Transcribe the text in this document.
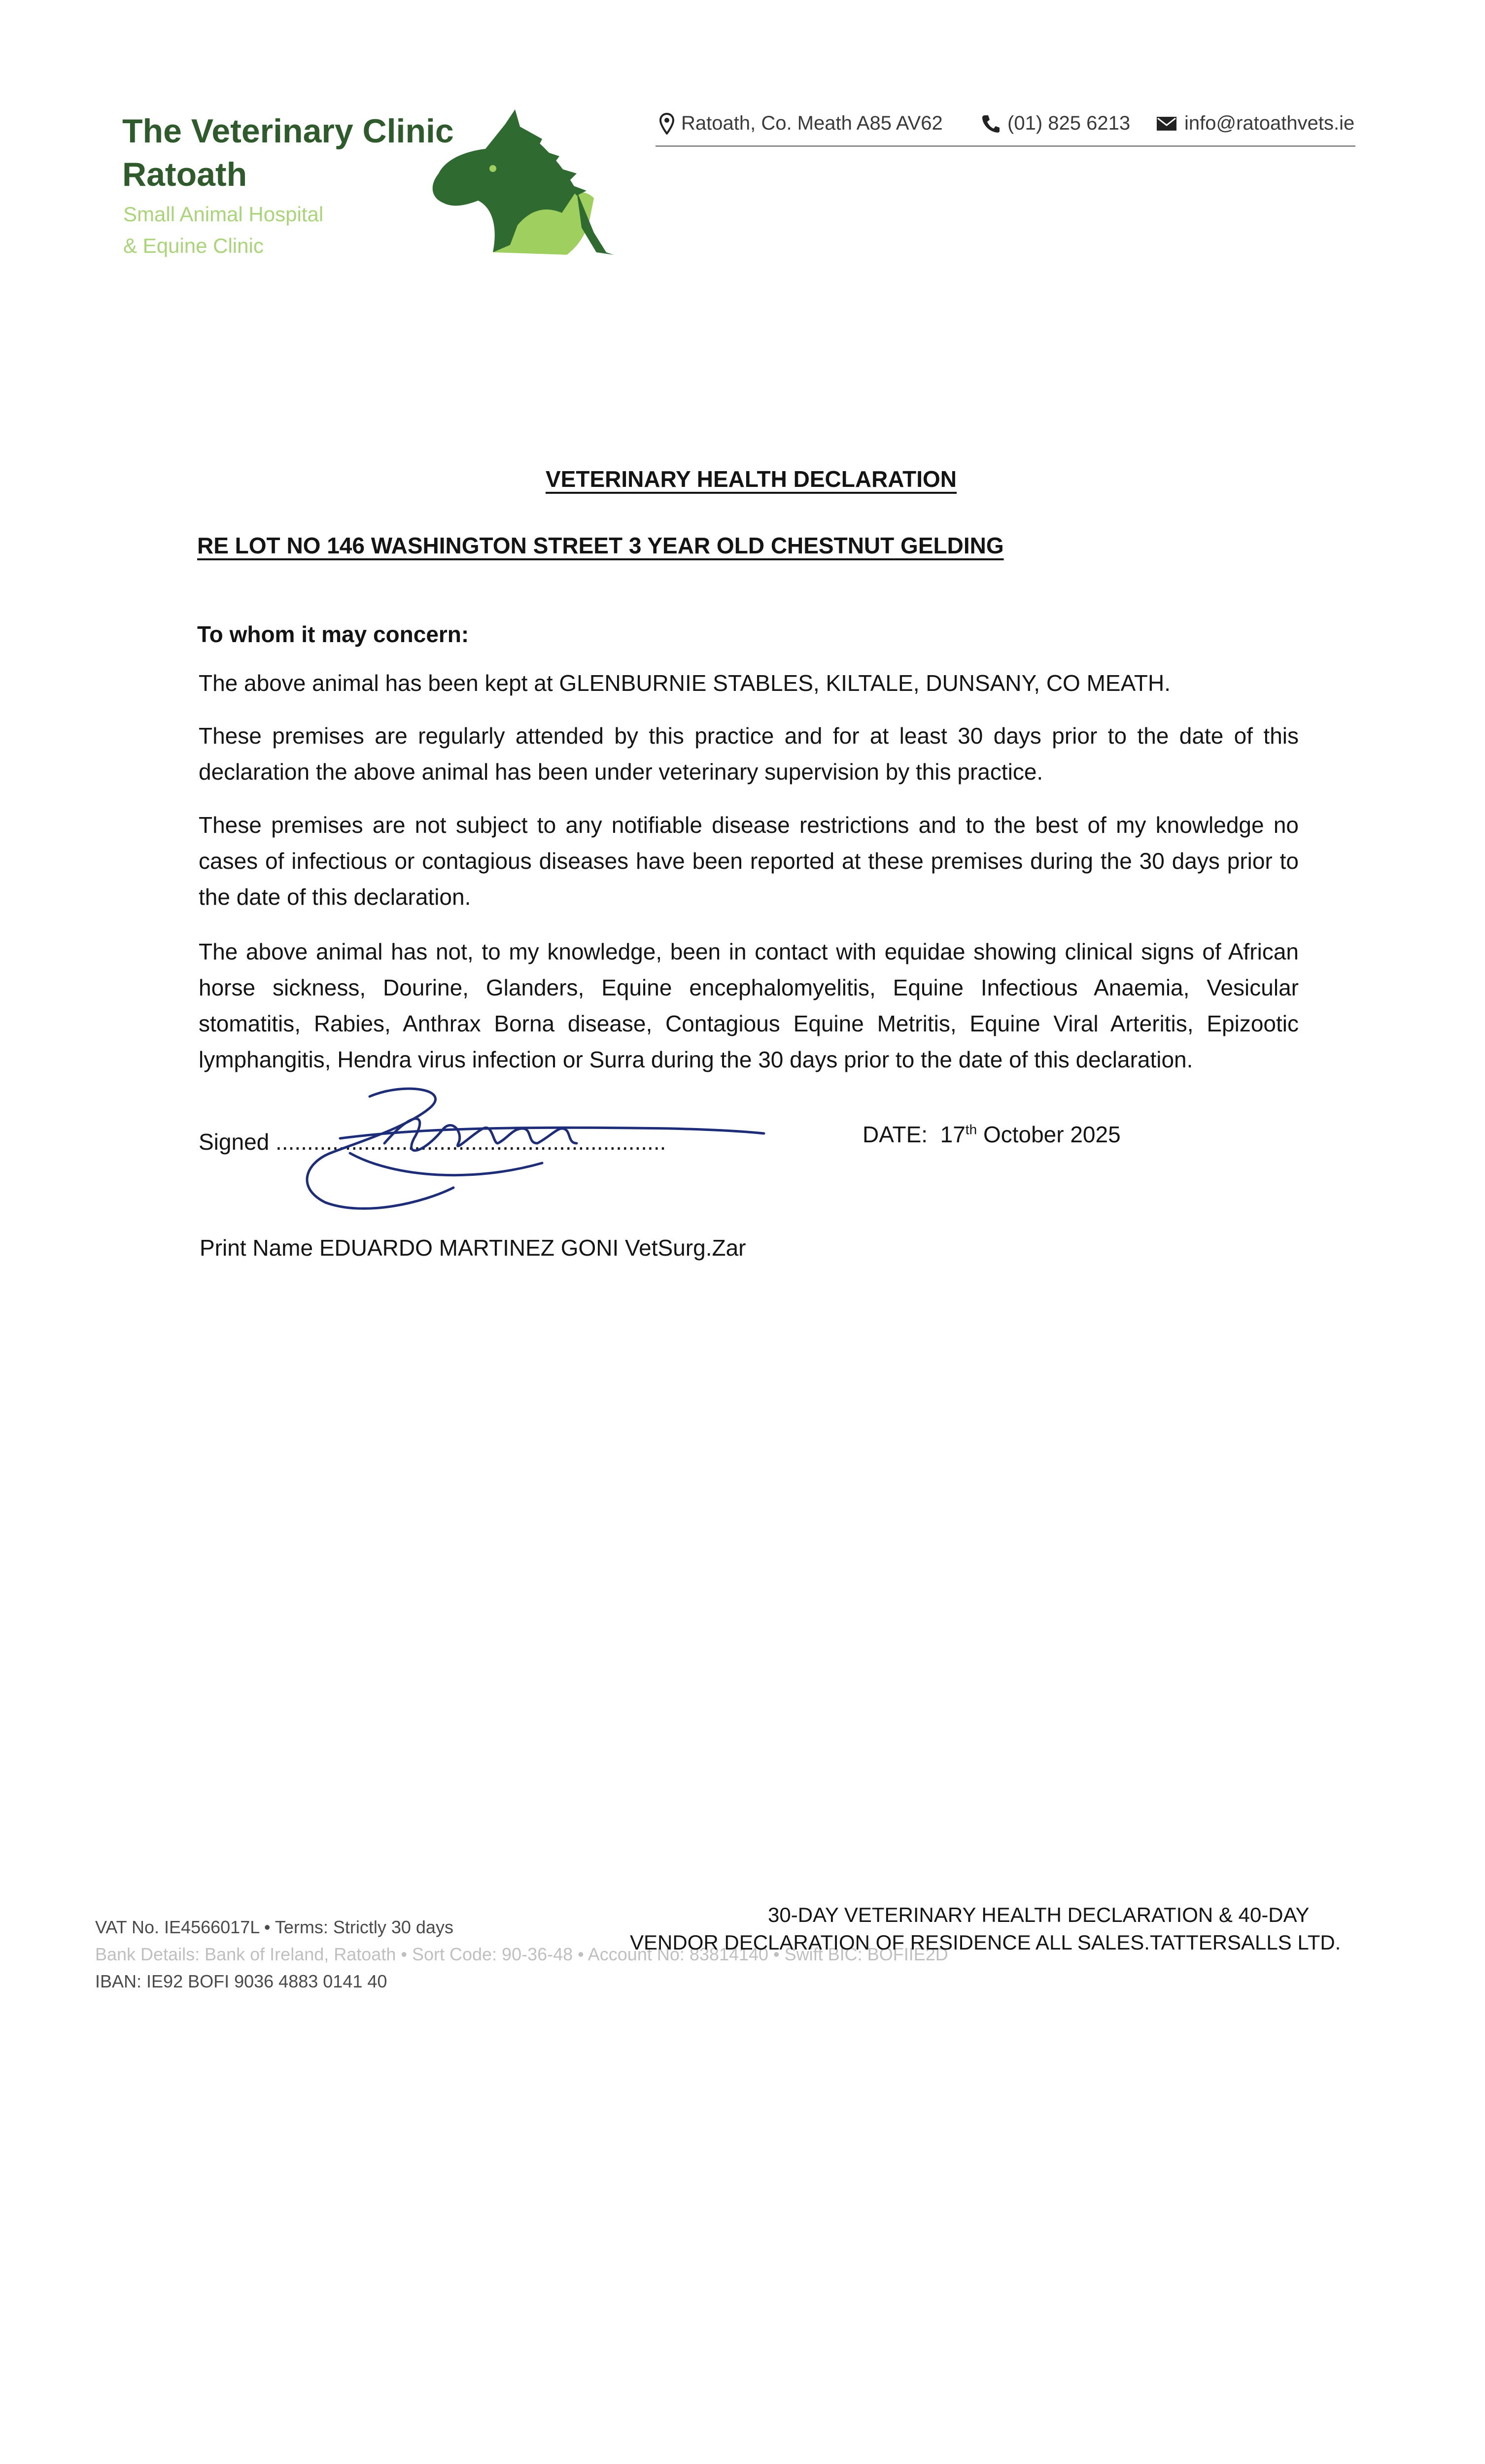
The Veterinary Clinic
Ratoath
Small Animal Hospital
& Equine Clinic
Ratoath, Co. Meath A85 AV62	(01) 825 6213	info@ratoathvets.ie
VETERINARY HEALTH DECLARATION
RE LOT NO 146 WASHINGTON STREET 3 YEAR OLD CHESTNUT GELDING
To whom it may concern:
The above animal has been kept at GLENBURNIE STABLES, KILTALE, DUNSANY, CO MEATH.
These premises are regularly attended by this practice and for at least 30 days prior to the date of this declaration the above animal has been under veterinary supervision by this practice.
These premises are not subject to any notifiable disease restrictions and to the best of my knowledge no cases of infectious or contagious diseases have been reported at these premises during the 30 days prior to the date of this declaration.
The above animal has not, to my knowledge, been in contact with equidae showing clinical signs of African horse sickness, Dourine, Glanders, Equine encephalomyelitis, Equine Infectious Anaemia, Vesicular stomatitis, Rabies, Anthrax Borna disease, Contagious Equine Metritis, Equine Viral Arteritis, Epizootic lymphangitis, Hendra virus infection or Surra during the 30 days prior to the date of this declaration.
Signed ..............................................................	DATE: 17th October 2025
Print Name EDUARDO MARTINEZ GONI VetSurg.Zar
VAT No. IE4566017L • Terms: Strictly 30 days
Bank Details: Bank of Ireland, Ratoath • Sort Code: 90-36-48 • Account No: 83814140 • Swift BIC: BOFIIE2D
IBAN: IE92 BOFI 9036 4883 0141 40
30-DAY VETERINARY HEALTH DECLARATION & 40-DAY
VENDOR DECLARATION OF RESIDENCE ALL SALES.TATTERSALLS LTD.
